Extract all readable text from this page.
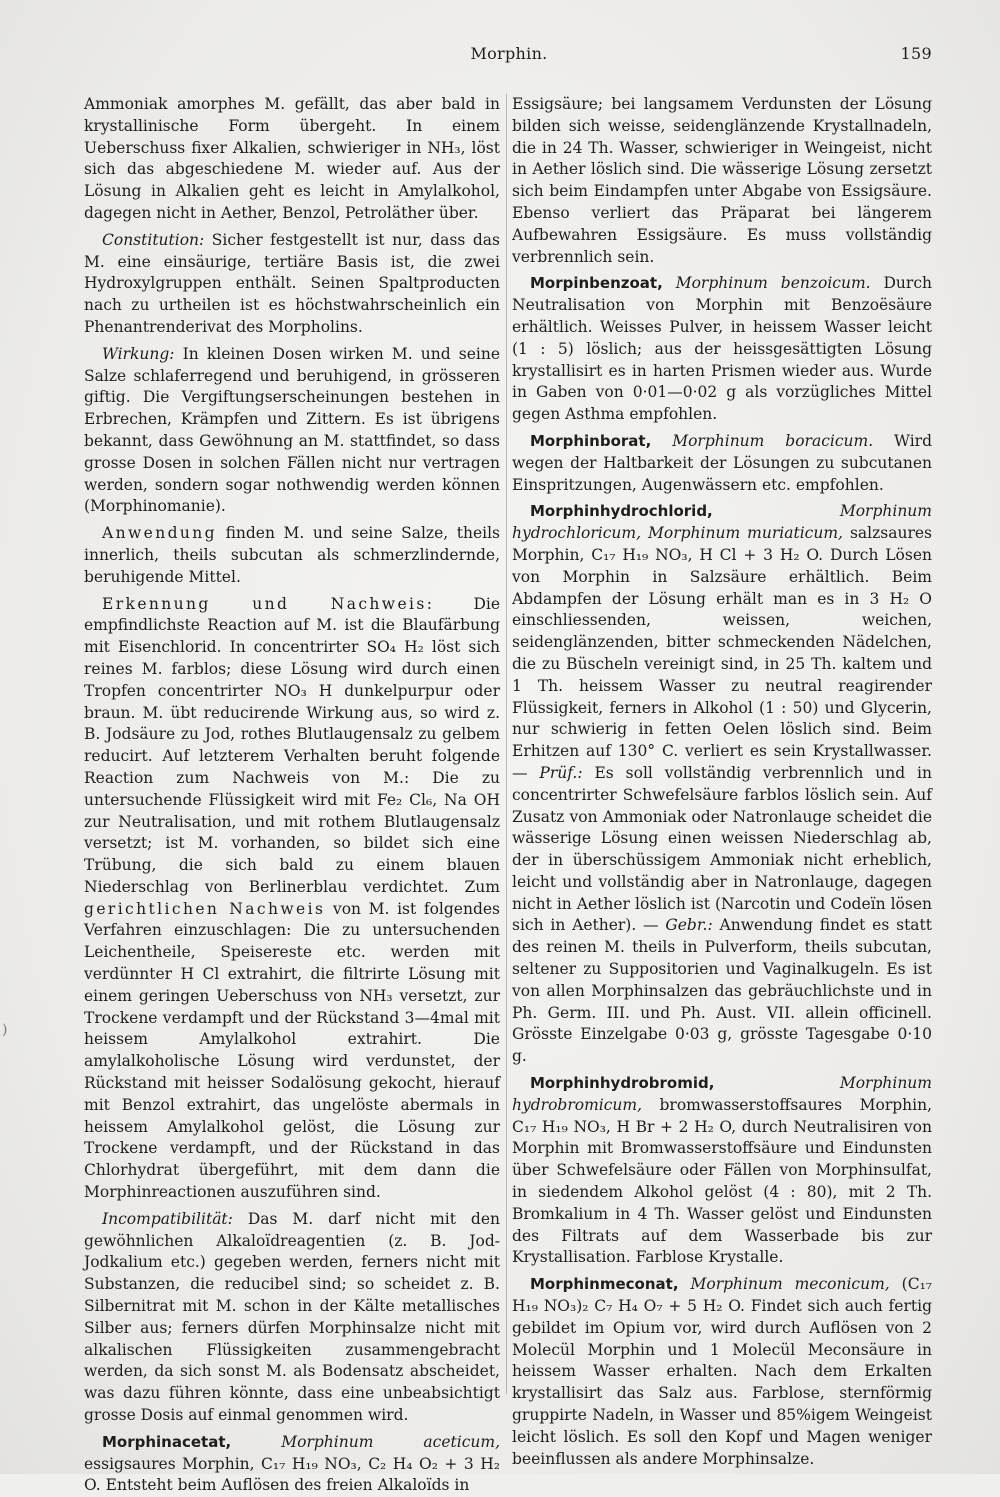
Morphin.	159

Ammoniak amorphes M. gefällt, das aber bald in krystallinische Form übergeht. In einem Ueberschuss fixer Alkalien, schwieriger in NH₃, löst sich das abgeschiedene M. wieder auf. Aus der Lösung in Alkalien geht es leicht in Amylalkohol, dagegen nicht in Aether, Benzol, Petroläther über.

Constitution: Sicher festgestellt ist nur, dass das M. eine einsäurige, tertiäre Basis ist, die zwei Hydroxylgruppen enthält. Seinen Spaltproducten nach zu urtheilen ist es höchstwahrscheinlich ein Phenantrenderivat des Morpholins.

Wirkung: In kleinen Dosen wirken M. und seine Salze schlaferregend und beruhigend, in grösseren giftig. Die Vergiftungserscheinungen bestehen in Erbrechen, Krämpfen und Zittern. Es ist übrigens bekannt, dass Gewöhnung an M. stattfindet, so dass grosse Dosen in solchen Fällen nicht nur vertragen werden, sondern sogar nothwendig werden können (Morphinomanie).

Anwendung finden M. und seine Salze, theils innerlich, theils subcutan als schmerzlindernde, beruhigende Mittel.

Erkennung und Nachweis: Die empfindlichste Reaction auf M. ist die Blaufärbung mit Eisenchlorid. In concentrirter SO₄ H₂ löst sich reines M. farblos; diese Lösung wird durch einen Tropfen concentrirter NO₃ H dunkelpurpur oder braun. M. übt reducirende Wirkung aus, so wird z. B. Jodsäure zu Jod, rothes Blutlaugensalz zu gelbem reducirt. Auf letzterem Verhalten beruht folgende Reaction zum Nachweis von M.: Die zu untersuchende Flüssigkeit wird mit Fe₂ Cl₆, Na OH zur Neutralisation, und mit rothem Blutlaugensalz versetzt; ist M. vorhanden, so bildet sich eine Trübung, die sich bald zu einem blauen Niederschlag von Berlinerblau verdichtet. Zum gerichtlichen Nachweis von M. ist folgendes Verfahren einzuschlagen: Die zu untersuchenden Leichentheile, Speisereste etc. werden mit verdünnter H Cl extrahirt, die filtrirte Lösung mit einem geringen Ueberschuss von NH₃ versetzt, zur Trockene verdampft und der Rückstand 3—4mal mit heissem Amylalkohol extrahirt. Die amylalkoholische Lösung wird verdunstet, der Rückstand mit heisser Sodalösung gekocht, hierauf mit Benzol extrahirt, das ungelöste abermals in heissem Amylalkohol gelöst, die Lösung zur Trockene verdampft, und der Rückstand in das Chlorhydrat übergeführt, mit dem dann die Morphinreactionen auszuführen sind.

Incompatibilität: Das M. darf nicht mit den gewöhnlichen Alkaloïdreagentien (z. B. Jod-Jodkalium etc.) gegeben werden, ferners nicht mit Substanzen, die reducibel sind; so scheidet z. B. Silbernitrat mit M. schon in der Kälte metallisches Silber aus; ferners dürfen Morphinsalze nicht mit alkalischen Flüssigkeiten zusammengebracht werden, da sich sonst M. als Bodensatz abscheidet, was dazu führen könnte, dass eine unbeabsichtigt grosse Dosis auf einmal genommen wird.

Morphinacetat, Morphinum aceticum, essigsaures Morphin, C₁₇ H₁₉ NO₃, C₂ H₄ O₂ + 3 H₂ O. Entsteht beim Auflösen des freien Alkaloïds in

Essigsäure; bei langsamem Verdunsten der Lösung bilden sich weisse, seidenglänzende Krystallnadeln, die in 24 Th. Wasser, schwieriger in Weingeist, nicht in Aether löslich sind. Die wässerige Lösung zersetzt sich beim Eindampfen unter Abgabe von Essigsäure. Ebenso verliert das Präparat bei längerem Aufbewahren Essigsäure. Es muss vollständig verbrennlich sein.

Morpinbenzoat, Morphinum benzoicum. Durch Neutralisation von Morphin mit Benzoësäure erhältlich. Weisses Pulver, in heissem Wasser leicht (1 : 5) löslich; aus der heissgesättigten Lösung krystallisirt es in harten Prismen wieder aus. Wurde in Gaben von 0·01—0·02 g als vorzügliches Mittel gegen Asthma empfohlen.

Morphinborat, Morphinum boracicum. Wird wegen der Haltbarkeit der Lösungen zu subcutanen Einspritzungen, Augenwässern etc. empfohlen.

Morphinhydrochlorid, Morphinum hydrochloricum, Morphinum muriaticum, salzsaures Morphin, C₁₇ H₁₉ NO₃, H Cl + 3 H₂ O. Durch Lösen von Morphin in Salzsäure erhältlich. Beim Abdampfen der Lösung erhält man es in 3 H₂ O einschliessenden, weissen, weichen, seidenglänzenden, bitter schmeckenden Nädelchen, die zu Büscheln vereinigt sind, in 25 Th. kaltem und 1 Th. heissem Wasser zu neutral reagirender Flüssigkeit, ferners in Alkohol (1 : 50) und Glycerin, nur schwierig in fetten Oelen löslich sind. Beim Erhitzen auf 130° C. verliert es sein Krystallwasser. — Prüf.: Es soll vollständig verbrennlich und in concentrirter Schwefelsäure farblos löslich sein. Auf Zusatz von Ammoniak oder Natronlauge scheidet die wässerige Lösung einen weissen Niederschlag ab, der in überschüssigem Ammoniak nicht erheblich, leicht und vollständig aber in Natronlauge, dagegen nicht in Aether löslich ist (Narcotin und Codeïn lösen sich in Aether). — Gebr.: Anwendung findet es statt des reinen M. theils in Pulverform, theils subcutan, seltener zu Suppositorien und Vaginalkugeln. Es ist von allen Morphinsalzen das gebräuchlichste und in Ph. Germ. III. und Ph. Aust. VII. allein officinell. Grösste Einzelgabe 0·03 g, grösste Tagesgabe 0·10 g.

Morphinhydrobromid, Morphinum hydrobromicum, bromwasserstoffsaures Morphin, C₁₇ H₁₉ NO₃, H Br + 2 H₂ O, durch Neutralisiren von Morphin mit Bromwasserstoffsäure und Eindunsten über Schwefelsäure oder Fällen von Morphinsulfat, in siedendem Alkohol gelöst (4 : 80), mit 2 Th. Bromkalium in 4 Th. Wasser gelöst und Eindunsten des Filtrats auf dem Wasserbade bis zur Krystallisation. Farblose Krystalle.

Morphinmeconat, Morphinum meconicum, (C₁₇ H₁₉ NO₃)₂ C₇ H₄ O₇ + 5 H₂ O. Findet sich auch fertig gebildet im Opium vor, wird durch Auflösen von 2 Molecül Morphin und 1 Molecül Meconsäure in heissem Wasser erhalten. Nach dem Erkalten krystallisirt das Salz aus. Farblose, sternförmig gruppirte Nadeln, in Wasser und 85%igem Weingeist leicht löslich. Es soll den Kopf und Magen weniger beeinflussen als andere Morphinsalze.

)
